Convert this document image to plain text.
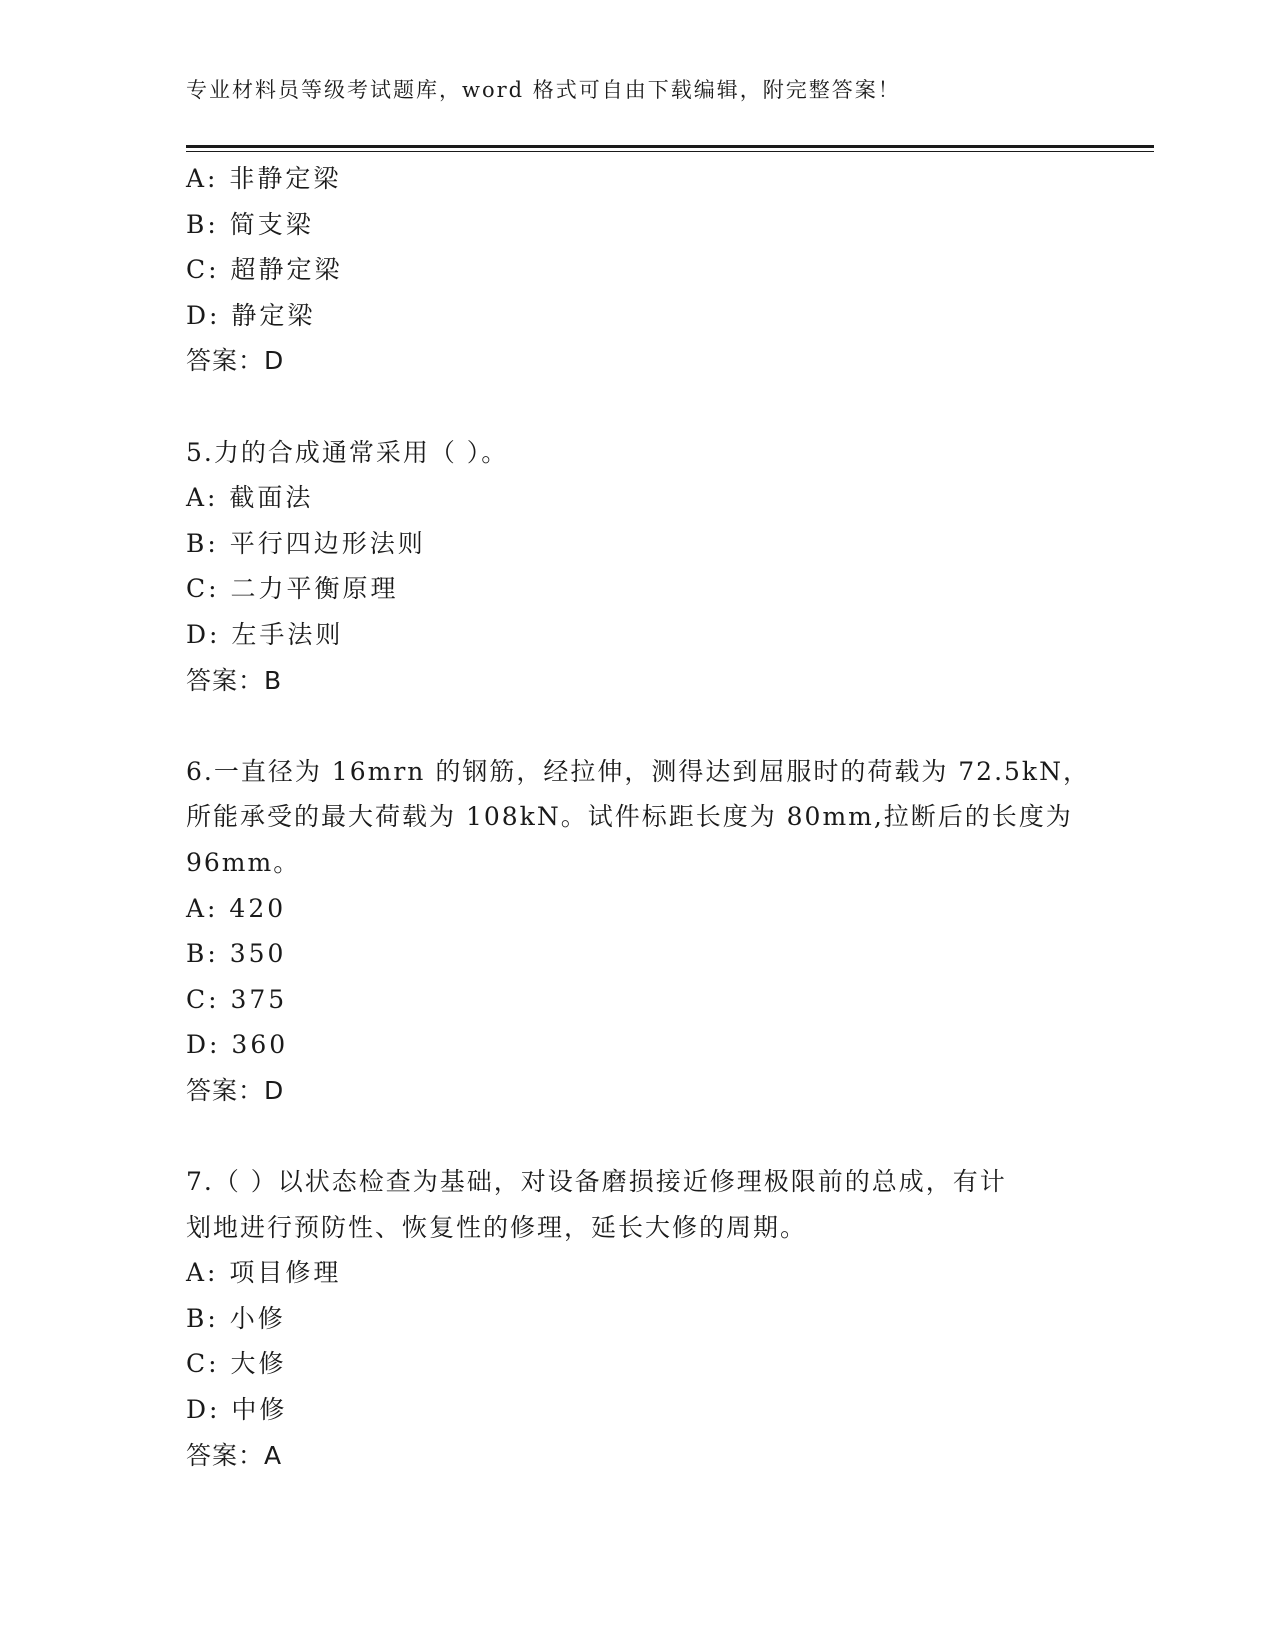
专业材料员等级考试题库，word 格式可自由下载编辑，附完整答案！
A: 非静定梁
B: 简支梁
C: 超静定梁
D: 静定梁
答案：D
5.力的合成通常采用（ ）。
A: 截面法
B: 平行四边形法则
C: 二力平衡原理
D: 左手法则
答案：B
6.一直径为 16mrn 的钢筋，经拉伸，测得达到屈服时的荷载为 72.5kN，
所能承受的最大荷载为 108kN。试件标距长度为 80mm,拉断后的长度为
96mm。
A: 420
B: 350
C: 375
D: 360
答案：D
7.（ ）以状态检查为基础，对设备磨损接近修理极限前的总成，有计
划地进行预防性、恢复性的修理，延长大修的周期。
A: 项目修理
B: 小修
C: 大修
D: 中修
答案：A
